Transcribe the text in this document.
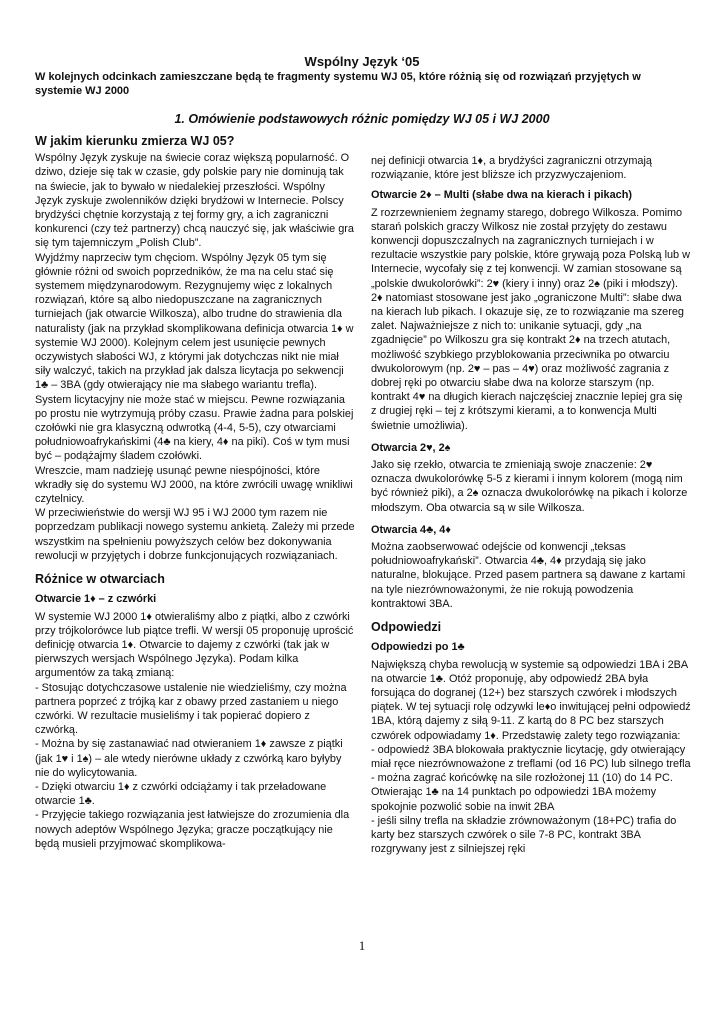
Wspólny Język ‘05
W kolejnych odcinkach zamieszczane będą te fragmenty systemu WJ 05, które różnią się od rozwiązań przyjętych w systemie WJ 2000
1. Omówienie podstawowych różnic pomiędzy WJ 05 i WJ 2000

W jakim kierunku zmierza WJ 05?

Wspólny Język zyskuje na świecie coraz większą popularność. O dziwo, dzieje się tak w czasie, gdy polskie pary nie dominują tak na świecie, jak to bywało w niedalekiej przeszłości. Wspólny Język zyskuje zwolenników dzięki brydżowi w Internecie. Polscy brydżyści chętnie korzystają z tej formy gry, a ich zagraniczni konkurenci (czy też partnerzy) chcą nauczyć się, jak właściwie gra się tym tajemniczym „Polish Club”.

Wyjdźmy naprzeciw tym chęciom. Wspólny Język 05 tym się głównie różni od swoich poprzedników, że ma na celu stać się systemem międzynarodowym. Rezygnujemy więc z lokalnych rozwiązań, które są albo niedopuszczane na zagranicznych turniejach (jak otwarcie Wilkosza), albo trudne do strawienia dla naturalisty (jak na przykład skomplikowana definicja otwarcia 1♦ w systemie WJ 2000). Kolejnym celem jest usunięcie pewnych oczywistych słabości WJ, z którymi jak dotychczas nikt nie miał siły walczyć, takich na przykład jak dalsza licytacja po sekwencji 1♣ – 3BA (gdy otwierający nie ma słabego wariantu trefla). System licytacyjny nie może stać w miejscu. Pewne rozwiązania po prostu nie wytrzymują próby czasu. Prawie żadna para polskiej czołówki nie gra klasyczną odwrotką (4-4, 5-5), czy otwarciami południowoafrykańskimi (4♣ na kiery, 4♦ na piki). Coś w tym musi być – podążajmy śladem czołówki.

Wreszcie, mam nadzieję usunąć pewne niespójności, które wkradły się do systemu WJ 2000, na które zwrócili uwagę wnikliwi czytelnicy.

W przeciwieństwie do wersji WJ 95 i WJ 2000 tym razem nie poprzedzam publikacji nowego systemu ankietą. Zależy mi przede wszystkim na spełnieniu powyższych celów bez dokonywania rewolucji w przyjętych i dobrze funkcjonujących rozwiązaniach.

Różnice w otwarciach

Otwarcie 1♦ – z czwórki

W systemie WJ 2000 1♦ otwieraliśmy albo z piątki, albo z czwórki przy trójkolorówce lub piątce trefli. W wersji 05 proponuję uprościć definicję otwarcia 1♦. Otwarcie to dajemy z czwórki (tak jak w pierwszych wersjach Wspólnego Języka). Podam kilka argumentów za taką zmianą:

- Stosując dotychczasowe ustalenie nie wiedzieliśmy, czy można partnera poprzeć z trójką kar z obawy przed zastaniem u niego czwórki. W rezultacie musieliśmy i tak popierać dopiero z czwórką.

- Można by się zastanawiać nad otwieraniem 1♦ zawsze z piątki (jak 1♥ i 1♠) – ale wtedy nierówne układy z czwórką karo byłyby nie do wylicytowania.

- Dzięki otwarciu 1♦ z czwórki odciążamy i tak przeładowane otwarcie 1♣.

- Przyjęcie takiego rozwiązania jest łatwiejsze do zrozumienia dla nowych adeptów Wspólnego Języka; gracze początkujący nie będą musieli przyjmować skomplikowa-

nej definicji otwarcia 1♦, a brydżyści zagraniczni otrzymają rozwiązanie, które jest bliższe ich przyzwyczajeniom.

Otwarcie 2♦ – Multi (słabe dwa na kierach i pikach)

Z rozrzewnieniem żegnamy starego, dobrego Wilkosza. Pomimo starań polskich graczy Wilkosz nie został przyjęty do zestawu konwencji dopuszczalnych na zagranicznych turniejach i w rezultacie wszystkie pary polskie, które grywają poza Polską lub w Internecie, wycofały się z tej konwencji. W zamian stosowane są „polskie dwukolorówki”: 2♥ (kiery i inny) oraz 2♠ (piki i młodszy). 2♦ natomiast stosowane jest jako „ograniczone Multi”: słabe dwa na kierach lub pikach. I okazuje się, ze to rozwiązanie ma szereg zalet. Najważniejsze z nich to: unikanie sytuacji, gdy „na zgadnięcie” po Wilkoszu gra się kontrakt 2♦ na trzech atutach, możliwość szybkiego przyblokowania przeciwnika po otwarciu dwukolorowym (np. 2♥ – pas – 4♥) oraz możliwość zagrania z dobrej ręki po otwarciu słabe dwa na kolorze starszym (np. kontrakt 4♥ na długich kierach najczęściej znacznie lepiej gra się z drugiej ręki – tej z krótszymi kierami, a to konwencja Multi świetnie umożliwia).

Otwarcia 2♥, 2♠

Jako się rzekło, otwarcia te zmieniają swoje znaczenie: 2♥ oznacza dwukolorówkę 5-5 z kierami i innym kolorem (mogą nim być również piki), a 2♠ oznacza dwukolorówkę na pikach i kolorze młodszym. Oba otwarcia są w sile Wilkosza.

Otwarcia 4♣, 4♦

Można zaobserwować odejście od konwencji „teksas południowoafrykański”. Otwarcia 4♣, 4♦ przydają się jako naturalne, blokujące. Przed pasem partnera są dawane z kartami na tyle niezrównoważonymi, że nie rokują powodzenia kontraktowi 3BA.

Odpowiedzi

Odpowiedzi po 1♣

Największą chyba rewolucją w systemie są odpowiedzi 1BA i 2BA na otwarcie 1♣. Otóż proponuję, aby odpowiedź 2BA była forsująca do dogranej (12+) bez starszych czwórek i młodszych piątek. W tej sytuacji rolę odzywki le♦o inwitującej pełni odpowiedź 1BA, którą dajemy z siłą 9-11. Z kartą do 8 PC bez starszych czwórek odpowiadamy 1♦. Przedstawię zalety tego rozwiązania:

- odpowiedź 3BA blokowała praktycznie licytację, gdy otwierający miał ręce niezrównoważone z treflami (od 16 PC) lub silnego trefla

- można zagrać końcówkę na sile rozłożonej 11 (10) do 14 PC. Otwierając 1♣ na 14 punktach po odpowiedzi 1BA możemy spokojnie pozwolić sobie na inwit 2BA

- jeśli silny trefla na składzie zrównoważonym (18+PC) trafia do karty bez starszych czwórek o sile 7-8 PC, kontrakt 3BA rozgrywany jest z silniejszej ręki

1
